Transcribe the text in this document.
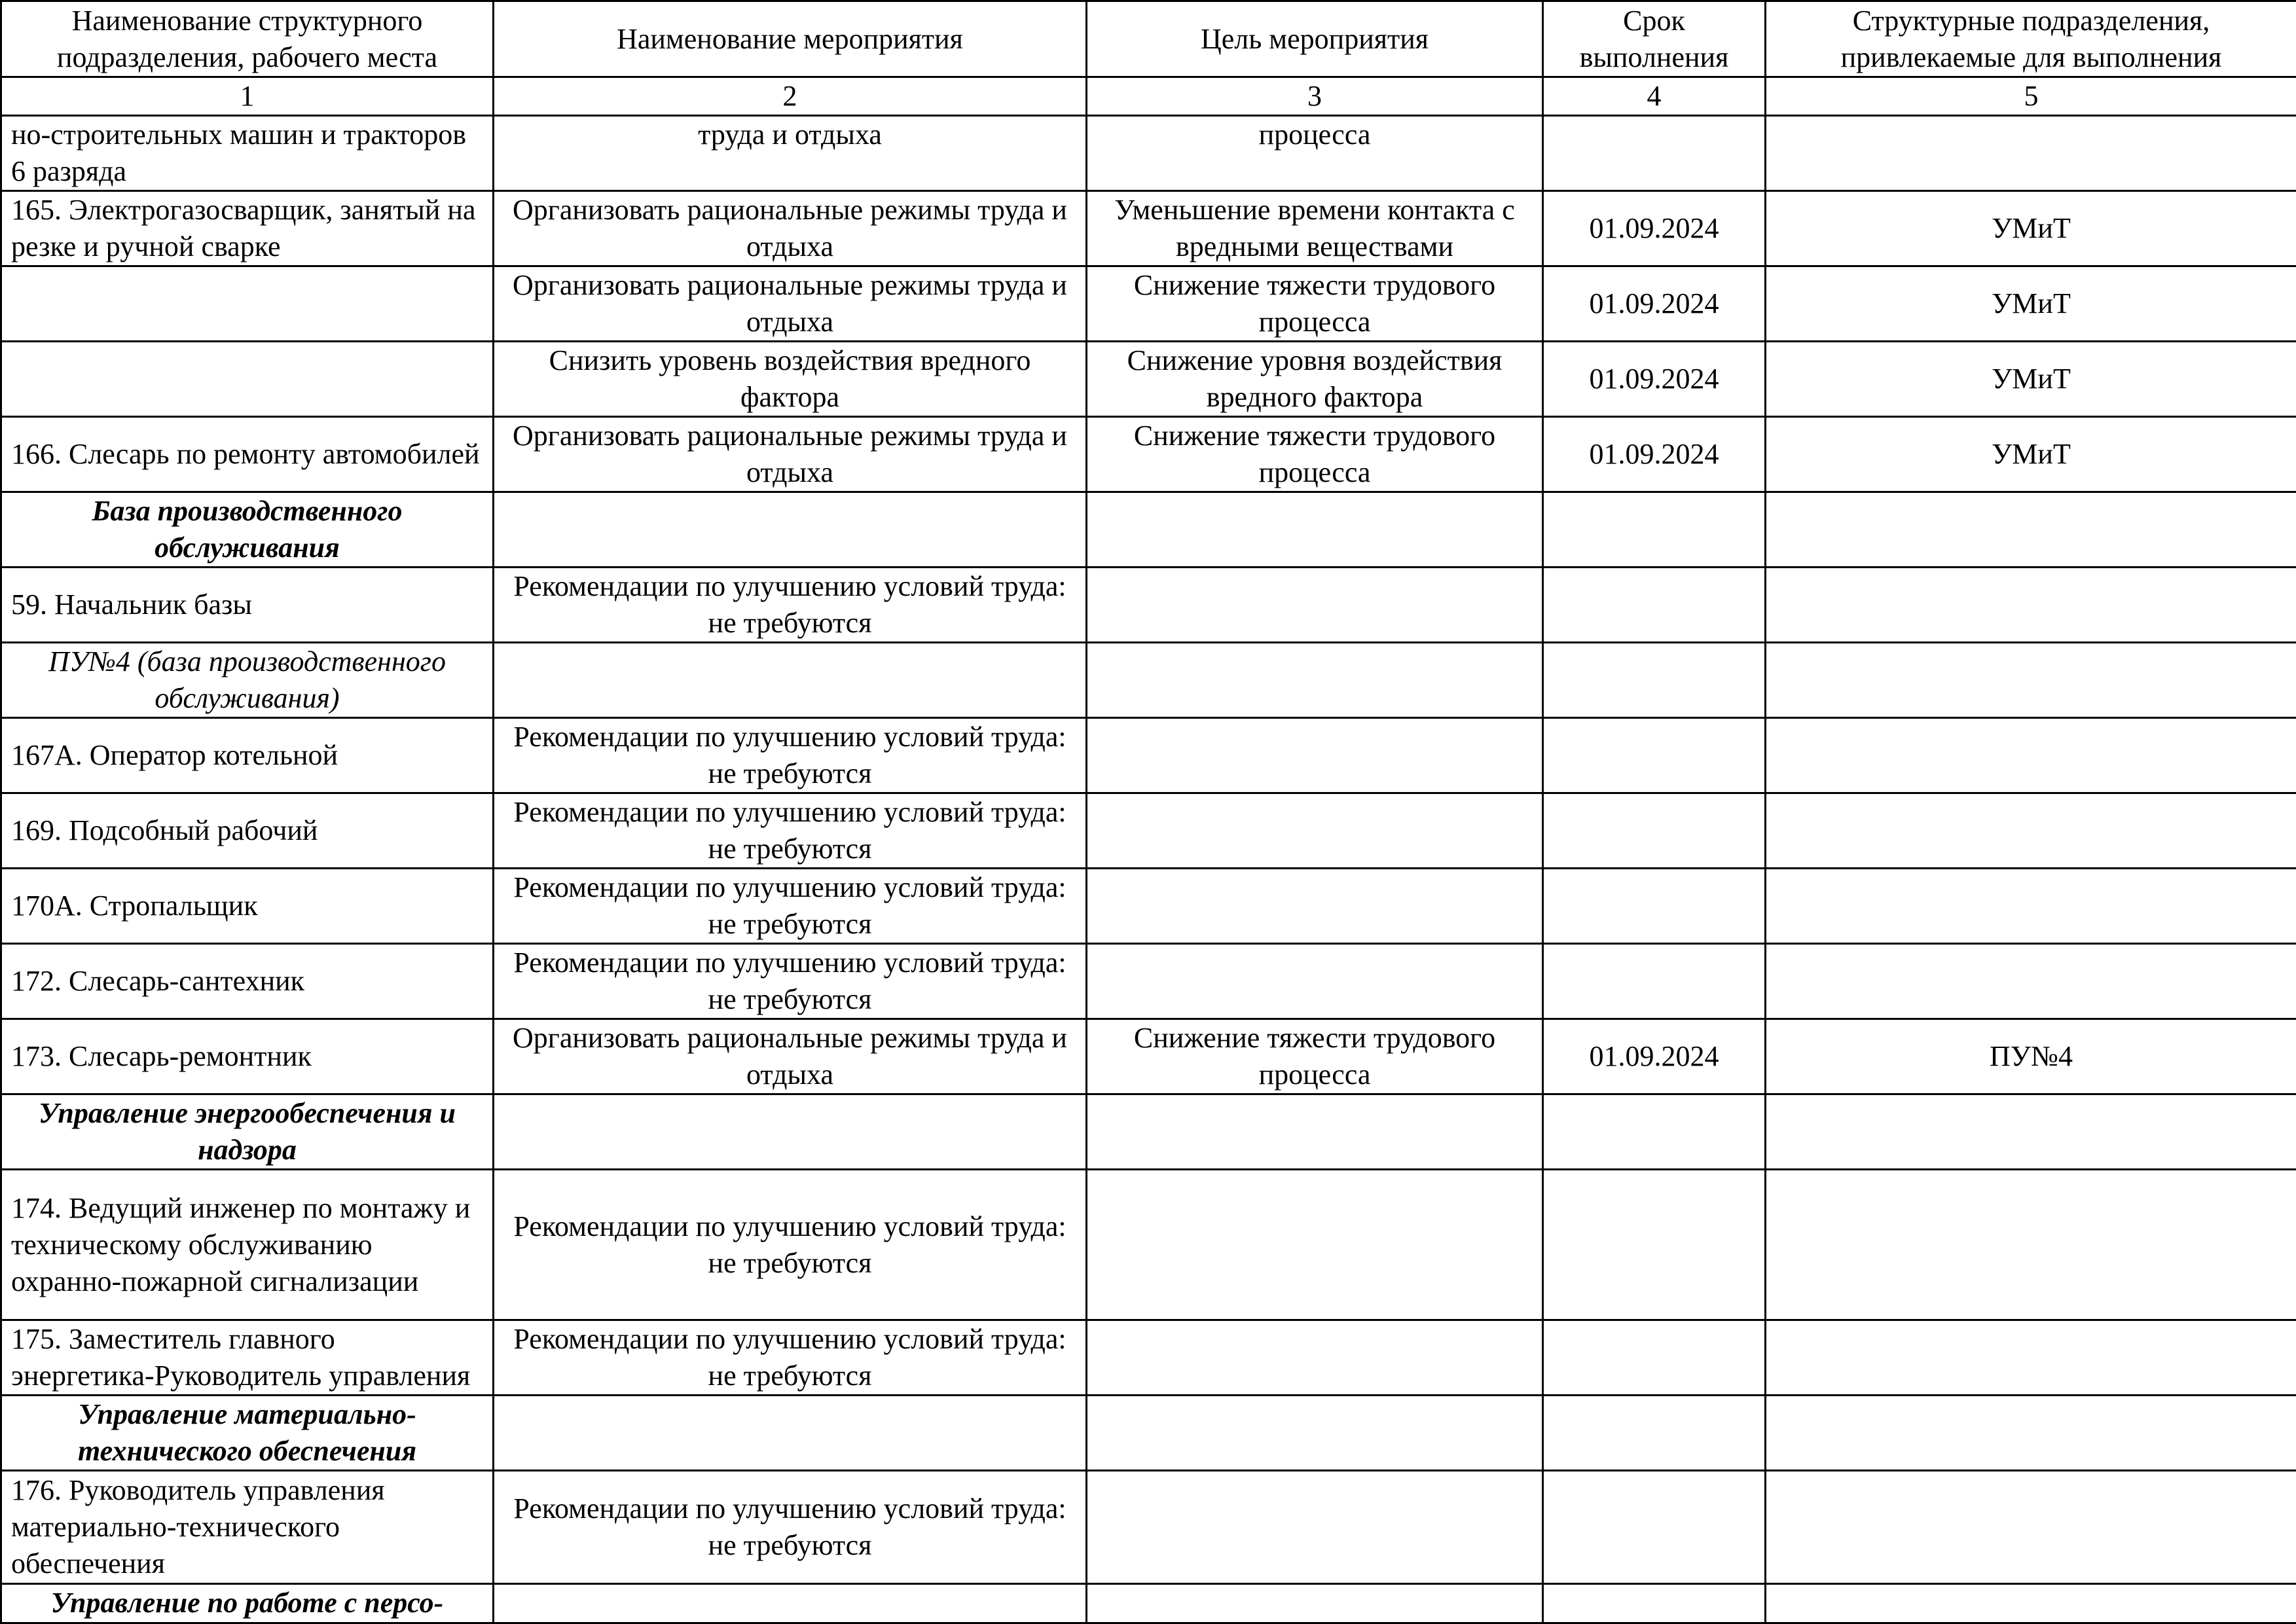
Наименование структурного подразделения, рабочего места	Наименование мероприятия	Цель мероприятия	Срок выполнения	Структурные подразделения, привлекаемые для выполнения
1	2	3	4	5
но-строительных машин и тракторов 6 разряда	труда и отдыха	процесса		
165. Электрогазосварщик, занятый на резке и ручной сварке	Организовать рациональные режимы труда и отдыха	Уменьшение времени контакта с вредными веществами	01.09.2024	УМиТ
	Организовать рациональные режимы труда и отдыха	Снижение тяжести трудового процесса	01.09.2024	УМиТ
	Снизить уровень воздействия вредного фактора	Снижение уровня воздействия вредного фактора	01.09.2024	УМиТ
166. Слесарь по ремонту автомобилей	Организовать рациональные режимы труда и отдыха	Снижение тяжести трудового процесса	01.09.2024	УМиТ
База производственного обслуживания				
59. Начальник базы	Рекомендации по улучшению условий труда: не требуются			
ПУ№4 (база производственного обслуживания)				
167А. Оператор котельной	Рекомендации по улучшению условий труда: не требуются			
169. Подсобный рабочий	Рекомендации по улучшению условий труда: не требуются			
170А. Стропальщик	Рекомендации по улучшению условий труда: не требуются			
172. Слесарь-сантехник	Рекомендации по улучшению условий труда: не требуются			
173. Слесарь-ремонтник	Организовать рациональные режимы труда и отдыха	Снижение тяжести трудового процесса	01.09.2024	ПУ№4
Управление энергообеспечения и надзора				
174. Ведущий инженер по монтажу и техническому обслуживанию охранно-пожарной сигнализации	Рекомендации по улучшению условий труда: не требуются			
175. Заместитель главного энергетика-Руководитель управления	Рекомендации по улучшению условий труда: не требуются			
Управление материально-технического обеспечения				
176. Руководитель управления материально-технического обеспечения	Рекомендации по улучшению условий труда: не требуются			
Управление по работе с персо-				
